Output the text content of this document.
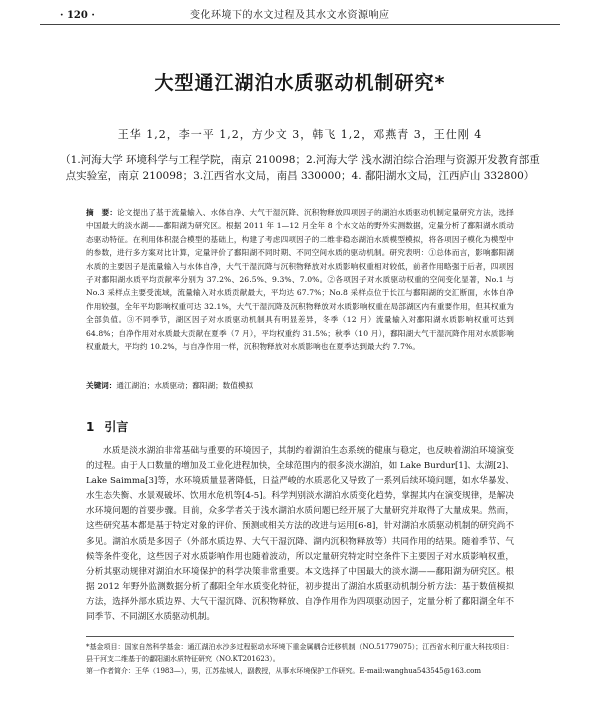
· 120 ·	变化环境下的水文过程及其水文水资源响应
大型通江湖泊水质驱动机制研究*
王华 1,2，李一平 1,2，方少文 3，韩飞 1,2，邓燕青 3，王仕刚 4
（1.河海大学 环境科学与工程学院，南京 210098；2.河海大学 浅水湖泊综合治理与资源开发教育部重点实验室，南京 210098；3.江西省水文局，南昌 330000；4. 鄱阳湖水文局，江西庐山 332800）
摘　要：论文提出了基于流量输入、水体自净、大气干湿沉降、沉积物释放四项因子的湖泊水质驱动机制定量研究方法，选择中国最大的淡水湖——鄱阳湖为研究区。根据 2011 年 1—12 月全年 8 个水文站的野外实测数据，定量分析了鄱阳湖水质动态驱动特征。在利用体积混合模型的基础上，构建了考虑四项因子的二维非稳态湖泊水质模型模拟，将各项因子模化为模型中的参数，进行多方案对比计算，定量评价了鄱阳湖不同时期、不同空间水质的驱动机制。研究表明：①总体而言，影响鄱阳湖水质的主要因子是流量输入与水体自净，大气干湿沉降与沉积物释放对水质影响权重相对较低，前者作用略强于后者，四项因子对鄱阳湖水质平均贡献率分别为 37.2%、26.5%、9.3%、7.0%。②各项因子对水质驱动权重的空间变化显著，No.1 与 No.3 采样点主要受流域，流量输入对水质贡献最大，平均达 67.7%；No.8 采样点位于长江与鄱阳湖的交汇断面，水体自净作用较强，全年平均影响权重可达 32.1%，大气干湿沉降及沉积物释放对水质影响权重在局部湖区内有重要作用，但其权重为全部负值。③不同季节，湖区因子对水质驱动机制具有明显差异，冬季（12 月）流量输入对鄱阳湖水质影响权重可达到 64.8%；自净作用对水质最大贡献在夏季（7 月），平均权重约 31.5%；秋季（10 月），鄱阳湖大气干湿沉降作用对水质影响权重最大，平均约 10.2%，与自净作用一样，沉积物释放对水质影响也在夏季达到最大约 7.7%。
关键词：通江湖泊；水质驱动；鄱阳湖；数值模拟
1 引言
水质是淡水湖泊非常基础与重要的环境因子，其制约着湖泊生态系统的健康与稳定，也反映着湖泊环境演变的过程。由于人口数量的增加及工业化进程加快，全球范围内的很多淡水湖泊，如 Lake Burdur[1]、太湖[2]、Lake Saimma[3]等，水环境质量显著降低，日益严峻的水质恶化又导致了一系列后续环境问题，如水华暴发、水生态失衡、水景观破坏、饮用水危机等[4-5]。科学判别淡水湖泊水质变化趋势，掌握其内在演变规律，是解决水环境问题的首要步骤。目前，众多学者关于浅水湖泊水质问题已经开展了大量研究并取得了大量成果。然而，这些研究基本都是基于特定对象的评价、预测或相关方法的改进与运用[6-8]，针对湖泊水质驱动机制的研究尚不多见。湖泊水质是多因子（外部水质边界、大气干湿沉降、湖内沉积物释放等）共同作用的结果。随着季节、气候等条件变化，这些因子对水质影响作用也随着波动，所以定量研究特定时空条件下主要因子对水质影响权重，分析其驱动规律对湖泊水环境保护的科学决策非常重要。本文选择了中国最大的淡水湖——鄱阳湖为研究区。根据 2012 年野外监测数据分析了鄱阳全年水质变化特征，初步提出了湖泊水质驱动机制分析方法：基于数值模拟方法，选择外部水质边界、大气干湿沉降、沉积物释放、自净作用作为四项驱动因子，定量分析了鄱阳湖全年不同季节、不同湖区水质驱动机制。
*基金项目：国家自然科学基金：通江湖泊水沙多过程驱动水环境下重金属耦合迁移机制（NO.51779075）；江西省水利厅重大科技项目：县干河支二维基于的鄱阳湖水质特征研究（NO.KT201623）。
第一作者简介：王华（1983—），男，江苏盐城人，副教授，从事水环境保护工作研究。E-mail:wanghua543545@163.com
